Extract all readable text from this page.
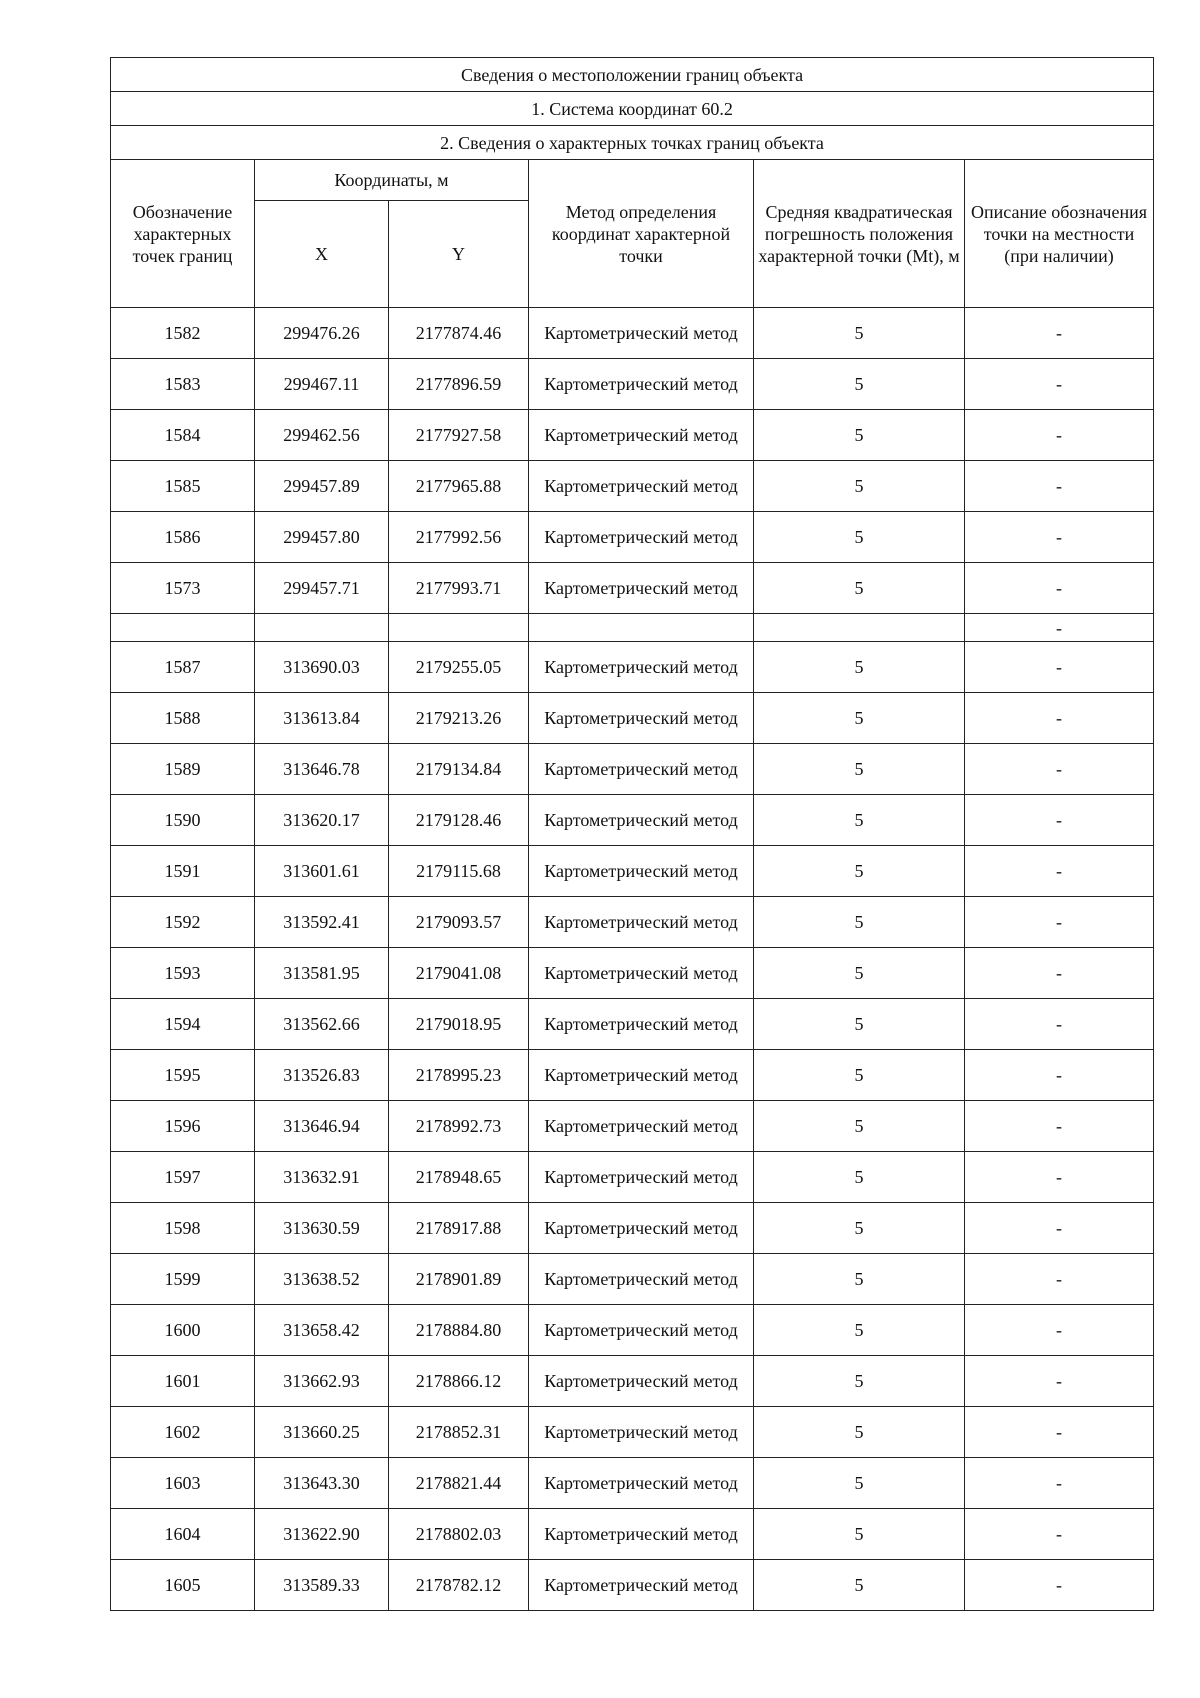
Сведения о местоположении границ объекта					
1. Система координат 60.2					
2. Сведения о характерных точках границ объекта					
Обозначение характерных точек границ	Координаты, м		Метод определения координат характерной точки	Средняя квадратическая погрешность положения характерной точки (Mt), м	Описание обозначения точки на местности (при наличии)
	X	Y			
1582	299476.26	2177874.46	Картометрический метод	5	-
1583	299467.11	2177896.59	Картометрический метод	5	-
1584	299462.56	2177927.58	Картометрический метод	5	-
1585	299457.89	2177965.88	Картометрический метод	5	-
1586	299457.80	2177992.56	Картометрический метод	5	-
1573	299457.71	2177993.71	Картометрический метод	5	-
					-
1587	313690.03	2179255.05	Картометрический метод	5	-
1588	313613.84	2179213.26	Картометрический метод	5	-
1589	313646.78	2179134.84	Картометрический метод	5	-
1590	313620.17	2179128.46	Картометрический метод	5	-
1591	313601.61	2179115.68	Картометрический метод	5	-
1592	313592.41	2179093.57	Картометрический метод	5	-
1593	313581.95	2179041.08	Картометрический метод	5	-
1594	313562.66	2179018.95	Картометрический метод	5	-
1595	313526.83	2178995.23	Картометрический метод	5	-
1596	313646.94	2178992.73	Картометрический метод	5	-
1597	313632.91	2178948.65	Картометрический метод	5	-
1598	313630.59	2178917.88	Картометрический метод	5	-
1599	313638.52	2178901.89	Картометрический метод	5	-
1600	313658.42	2178884.80	Картометрический метод	5	-
1601	313662.93	2178866.12	Картометрический метод	5	-
1602	313660.25	2178852.31	Картометрический метод	5	-
1603	313643.30	2178821.44	Картометрический метод	5	-
1604	313622.90	2178802.03	Картометрический метод	5	-
1605	313589.33	2178782.12	Картометрический метод	5	-
